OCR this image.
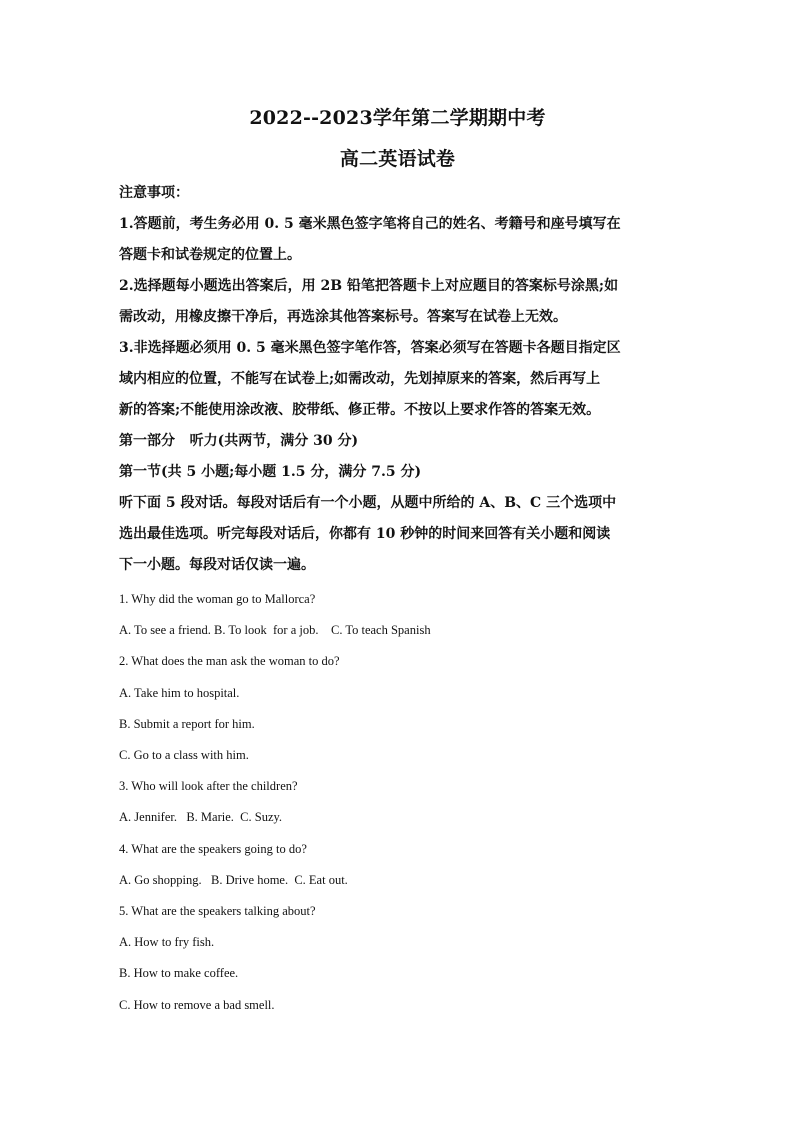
2022--2023学年第二学期期中考
高二英语试卷

注意事项：

1.答题前，考生务必用 0. 5 毫米黑色签字笔将自己的姓名、考籍号和座号填写在

答题卡和试卷规定的位置上。

2.选择题每小题选出答案后，用 2B 铅笔把答题卡上对应题目的答案标号涂黑;如

需改动，用橡皮擦干净后，再选涂其他答案标号。答案写在试卷上无效。

3.非选择题必须用 0. 5 毫米黑色签字笔作答，答案必须写在答题卡各题目指定区

域内相应的位置，不能写在试卷上;如需改动，先划掉原来的答案，然后再写上

新的答案;不能使用涂改液、胶带纸、修正带。不按以上要求作答的答案无效。

第一部分   听力(共两节，满分 30 分)

第一节(共 5 小题;每小题 1.5 分，满分 7.5 分)

听下面 5 段对话。每段对话后有一个小题，从题中所给的 A、B、C 三个选项中

选出最佳选项。听完每段对话后，你都有 10 秒钟的时间来回答有关小题和阅读

下一小题。每段对话仅读一遍。

1. Why did the woman go to Mallorca?

A. To see a friend. B. To look  for a job.    C. To teach Spanish

2. What does the man ask the woman to do?

A. Take him to hospital.

B. Submit a report for him.

C. Go to a class with him.

3. Who will look after the children?

A. Jennifer.   B. Marie.  C. Suzy.

4. What are the speakers going to do?

A. Go shopping.   B. Drive home.  C. Eat out.

5. What are the speakers talking about?

A. How to fry fish.

B. How to make coffee.

C. How to remove a bad smell.
